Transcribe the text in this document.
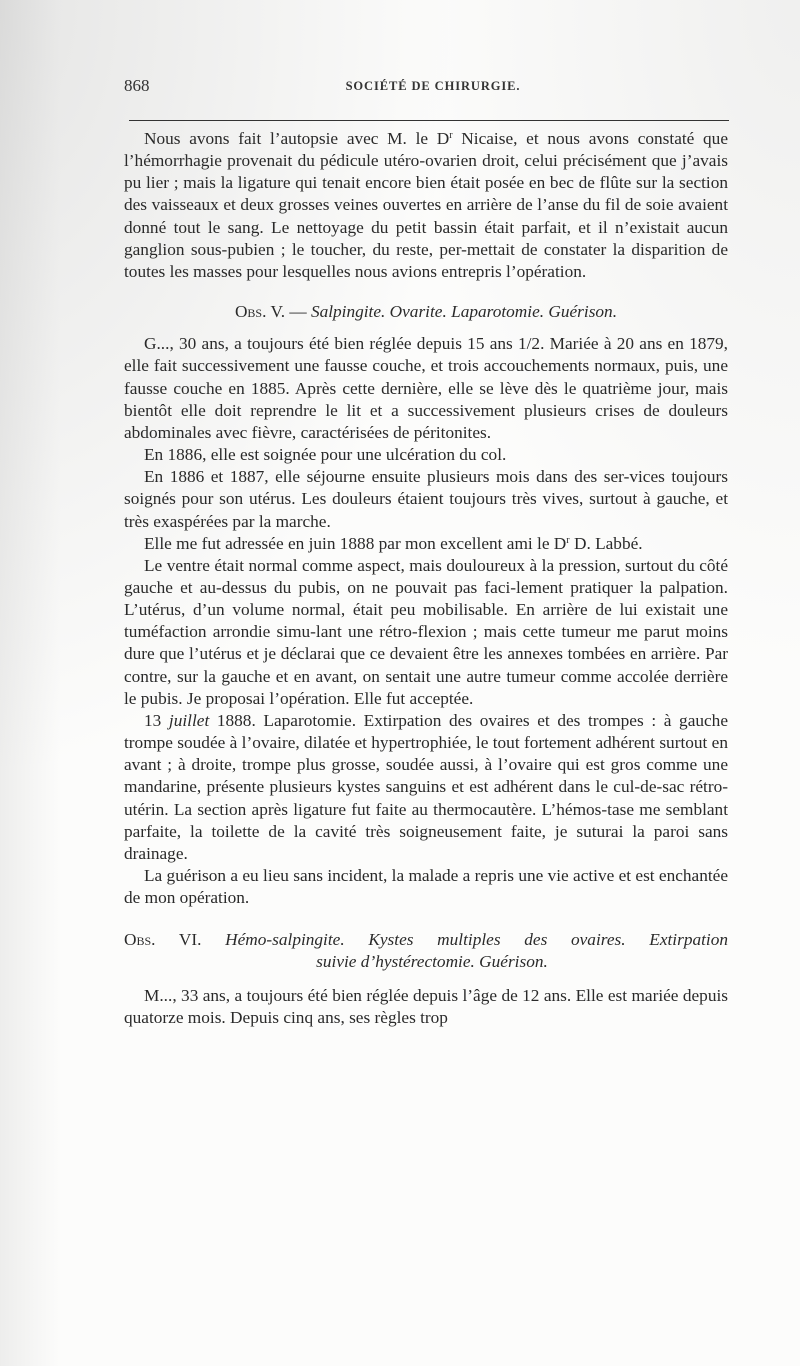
868	SOCIÉTÉ DE CHIRURGIE.

Nous avons fait l’autopsie avec M. le $D^r$ Nicaise, et nous avons constaté que l’hémorrhagie provenait du pédicule utéro-ovarien droit, celui précisément que j’avais pu lier ; mais la ligature qui tenait encore bien était posée en bec de flûte sur la section des vaisseaux et deux grosses veines ouvertes en arrière de l’anse du fil de soie avaient donné tout le sang. Le nettoyage du petit bassin était parfait, et il n’existait aucun ganglion sous-pubien ; le toucher, du reste, per-mettait de constater la disparition de toutes les masses pour lesquelles nous avions entrepris l’opération.

Obs. V. — Salpingite. Ovarite. Laparotomie. Guérison.

G..., 30 ans, a toujours été bien réglée depuis 15 ans 1/2. Mariée à 20 ans en 1879, elle fait successivement une fausse couche, et trois accouchements normaux, puis, une fausse couche en 1885. Après cette dernière, elle se lève dès le quatrième jour, mais bientôt elle doit reprendre le lit et a successivement plusieurs crises de douleurs abdominales avec fièvre, caractérisées de péritonites.

En 1886, elle est soignée pour une ulcération du col.

En 1886 et 1887, elle séjourne ensuite plusieurs mois dans des ser-vices toujours soignés pour son utérus. Les douleurs étaient toujours très vives, surtout à gauche, et très exaspérées par la marche.

Elle me fut adressée en juin 1888 par mon excellent ami le $D^r$ D. Labbé.

Le ventre était normal comme aspect, mais douloureux à la pression, surtout du côté gauche et au-dessus du pubis, on ne pouvait pas faci-lement pratiquer la palpation. L’utérus, d’un volume normal, était peu mobilisable. En arrière de lui existait une tuméfaction arrondie simu-lant une rétro-flexion ; mais cette tumeur me parut moins dure que l’utérus et je déclarai que ce devaient être les annexes tombées en arrière. Par contre, sur la gauche et en avant, on sentait une autre tumeur comme accolée derrière le pubis. Je proposai l’opération. Elle fut acceptée.

13 juillet 1888. Laparotomie. Extirpation des ovaires et des trompes : à gauche trompe soudée à l’ovaire, dilatée et hypertrophiée, le tout fortement adhérent surtout en avant ; à droite, trompe plus grosse, soudée aussi, à l’ovaire qui est gros comme une mandarine, présente plusieurs kystes sanguins et est adhérent dans le cul-de-sac rétro-utérin. La section après ligature fut faite au thermocautère. L’hémos-tase me semblant parfaite, la toilette de la cavité très soigneusement faite, je suturai la paroi sans drainage.

La guérison a eu lieu sans incident, la malade a repris une vie active et est enchantée de mon opération.

Obs. VI. Hémo-salpingite. Kystes multiples des ovaires. Extirpation

suivie d’hystérectomie. Guérison.

M..., 33 ans, a toujours été bien réglée depuis l’âge de 12 ans. Elle est mariée depuis quatorze mois. Depuis cinq ans, ses règles trop
